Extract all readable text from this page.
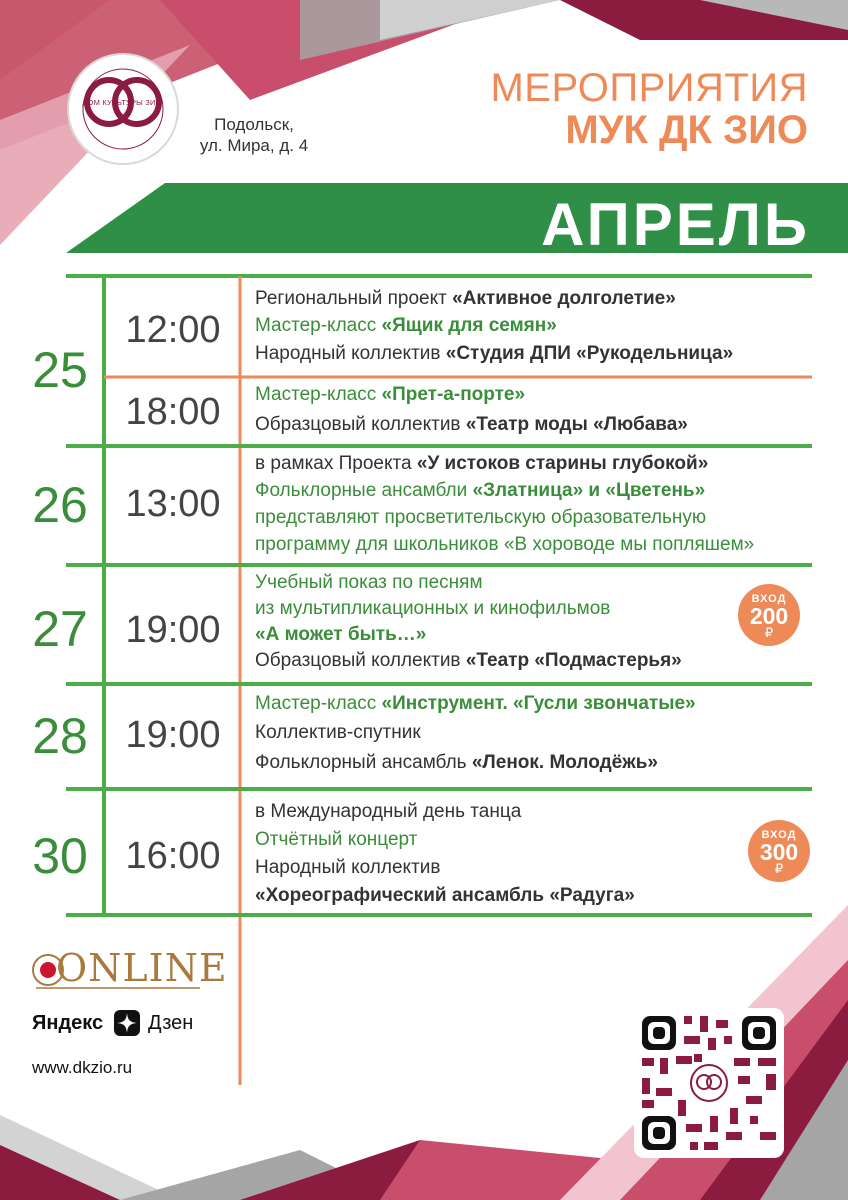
ДОМ КУЛЬТУРЫ ЗИО
Подольск,
ул. Мира, д. 4
МЕРОПРИЯТИЯ
МУК ДК ЗИО
АПРЕЛЬ
25
12:00
Региональный проект «Активное долголетие»
Мастер-класс «Ящик для семян»
Народный коллектив «Студия ДПИ «Рукодельница»
18:00	Мастер-класс «Прет-а-порте»
Образцовый коллектив «Театр моды «Любава»
26 13:00
в рамках Проекта «У истоков старины глубокой»
Фольклорные ансамбли «Златница» и «Цветень»
представляют просветительскую образовательную
программу для школьников «В хороводе мы попляшем»
27 19:00
Учебный показ по песням
из мультипликационных и кинофильмов
«А может быть…»
Образцовый коллектив «Театр «Подмастерья»
ВХОД
200
₽
28 19:00
Мастер-класс «Инструмент. «Гусли звончатые»
Коллектив-спутник
Фольклорный ансамбль «Ленок. Молодёжь»
30 16:00
в Международный день танца
Отчётный концерт
Народный коллектив
«Хореографический ансамбль «Радуга»
ВХОД
300
₽
ONLINE
Яндекс Дзен
www.dkzio.ru
